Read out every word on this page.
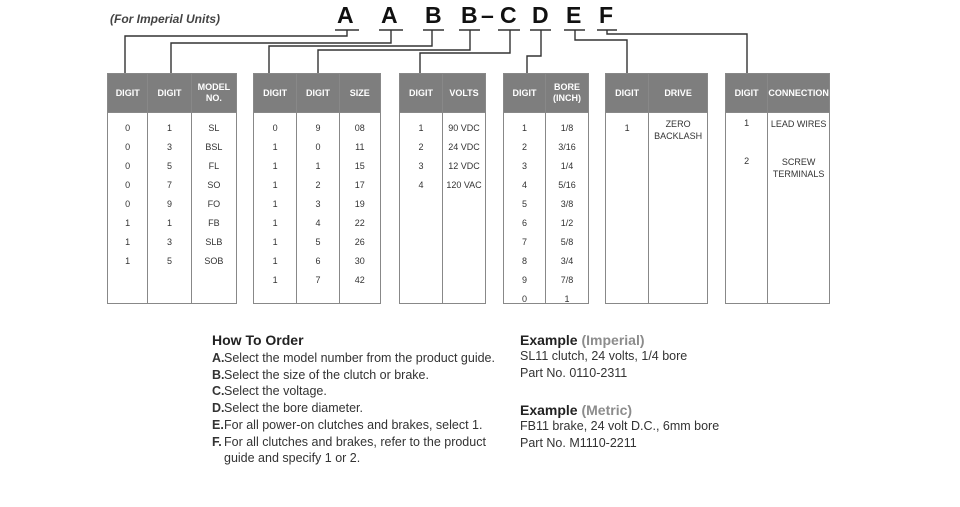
(For Imperial Units)	A A B B – C D E F
DIGIT
0
0
0
0
0
1
1
1
DIGIT
1
3
5
7
9
1
3
5
MODEL NO.
SL
BSL
FL
SO
FO
FB
SLB
SOB
DIGIT
0
1
1
1
1
1
1
1
1
DIGIT
9
0
1
2
3
4
5
6
7
SIZE
08
11
15
17
19
22
26
30
42
DIGIT
1
2
3
4
VOLTS
90 VDC
24 VDC
12 VDC
120 VAC
DIGIT
1
2
3
4
5
6
7
8
9
0
BORE (INCH)
1/8
3/16
1/4
5/16
3/8
1/2
5/8
3/4
7/8
1
DIGIT
1
DRIVE
ZERO BACKLASH
DIGIT
1
2
CONNECTION
LEAD WIRES
SCREW TERMINALS
How To Order
A. Select the model number from the product guide.
B. Select the size of the clutch or brake.
C. Select the voltage.
D. Select the bore diameter.
E. For all power-on clutches and brakes, select 1.
F. For all clutches and brakes, refer to the product guide and specify 1 or 2.
Example (Imperial)
SL11 clutch, 24 volts, 1/4 bore
Part No. 0110-2311
Example (Metric)
FB11 brake, 24 volt D.C., 6mm bore
Part No. M1110-2211
